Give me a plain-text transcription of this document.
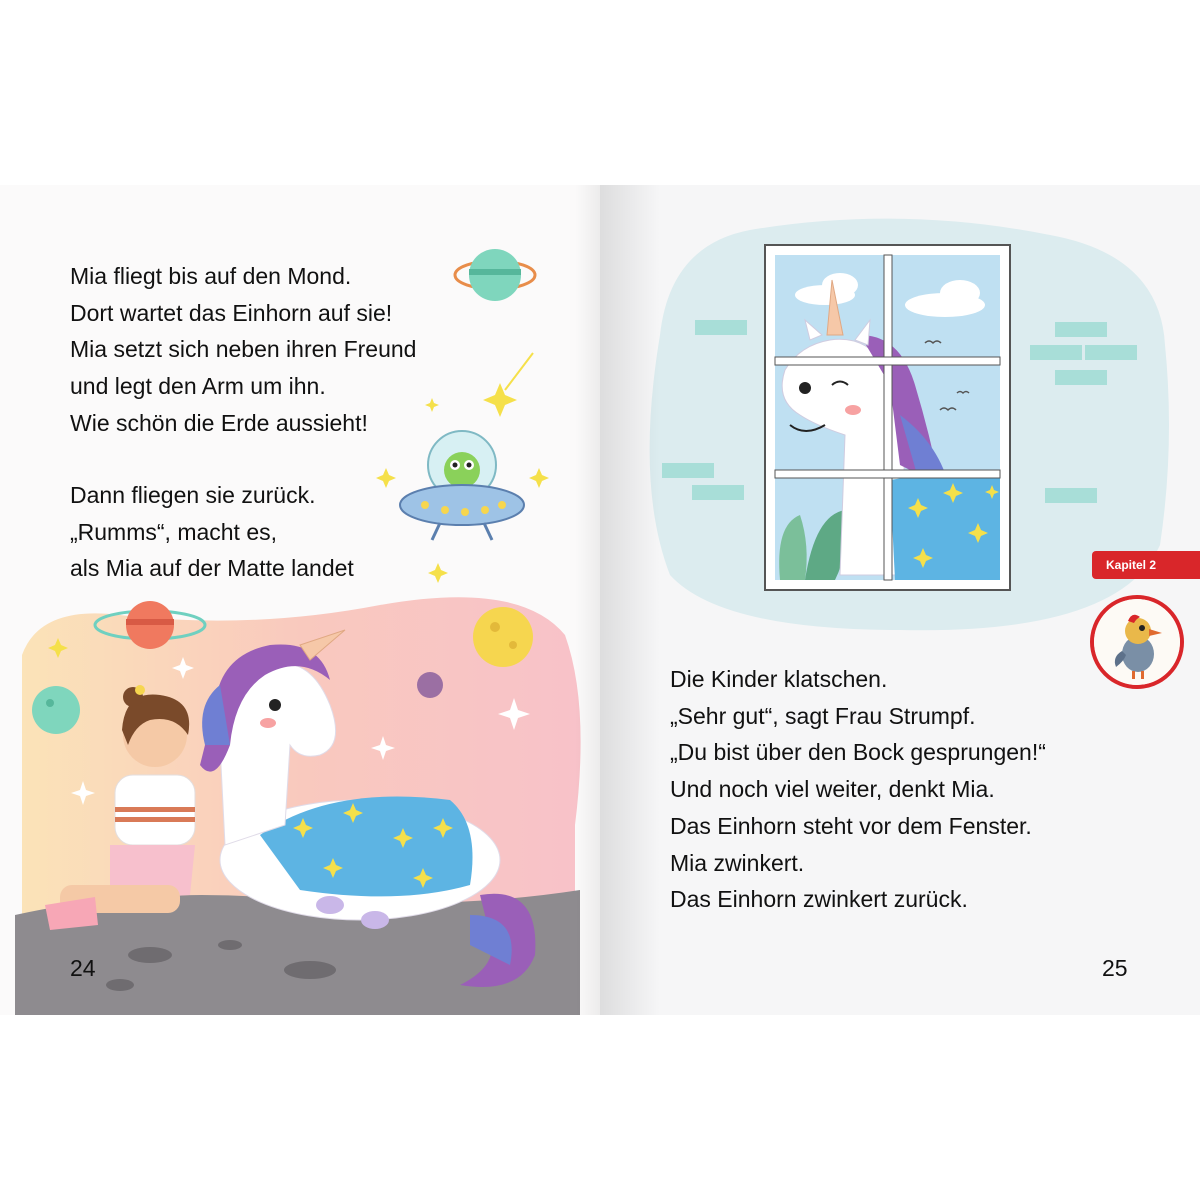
Mia fliegt bis auf den Mond.
Dort wartet das Einhorn auf sie!
Mia setzt sich neben ihren Freund
und legt den Arm um ihn.
Wie schön die Erde aussieht!
Dann fliegen sie zurück.
„Rumms“, macht es,
als Mia auf der Matte landet
24
Kapitel 2
Die Kinder klatschen.
„Sehr gut“, sagt Frau Strumpf.
„Du bist über den Bock gesprungen!“
Und noch viel weiter, denkt Mia.
Das Einhorn steht vor dem Fenster.
Mia zwinkert.
Das Einhorn zwinkert zurück.
25
